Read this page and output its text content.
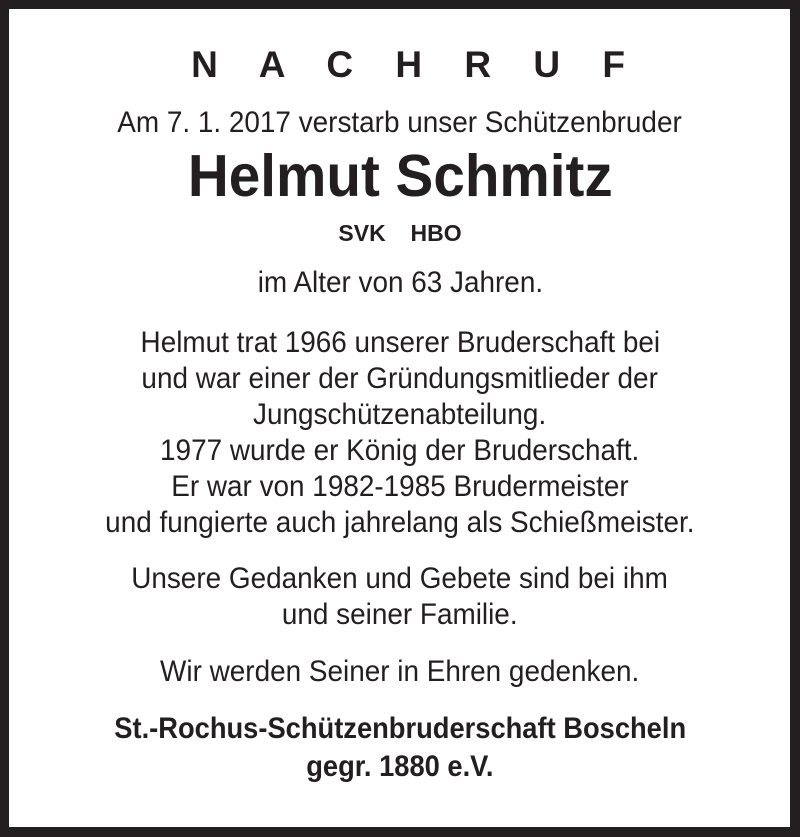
N A C H R U F
Am 7. 1. 2017 verstarb unser Schützenbruder
Helmut Schmitz
SVK  HBO
im Alter von 63 Jahren.
Helmut trat 1966 unserer Bruderschaft bei
und war einer der Gründungsmitlieder der
Jungschützenabteilung.
1977 wurde er König der Bruderschaft.
Er war von 1982-1985 Brudermeister
und fungierte auch jahrelang als Schießmeister.
Unsere Gedanken und Gebete sind bei ihm
und seiner Familie.
Wir werden Seiner in Ehren gedenken.
St.-Rochus-Schützenbruderschaft Boscheln
gegr. 1880 e.V.
